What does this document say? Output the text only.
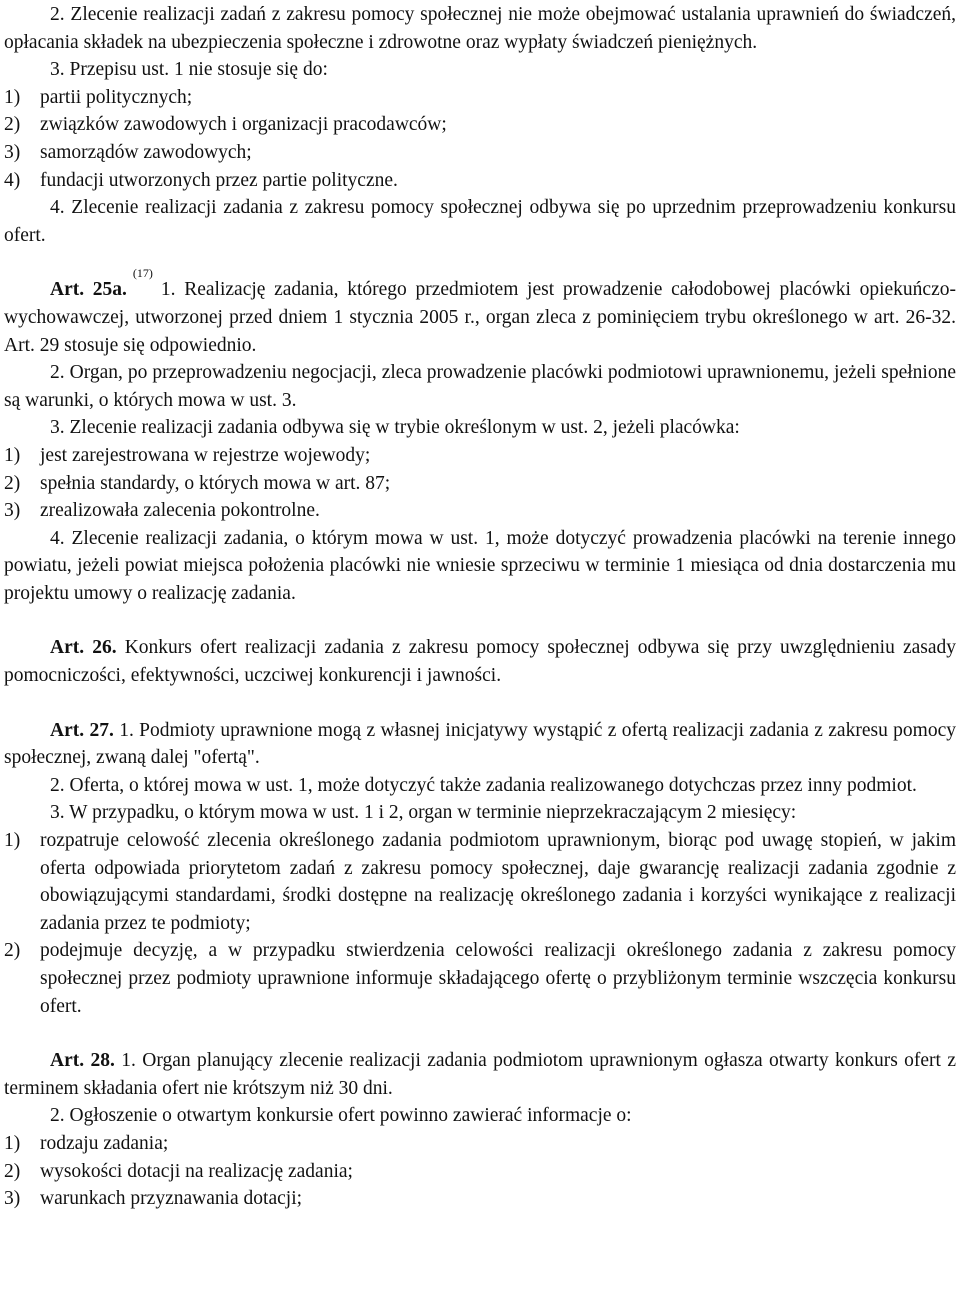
2. Zlecenie realizacji zadań z zakresu pomocy społecznej nie może obejmować ustalania uprawnień do świadczeń, opłacania składek na ubezpieczenia społeczne i zdrowotne oraz wypłaty świadczeń pieniężnych.

3. Przepisu ust. 1 nie stosuje się do:

1)	partii politycznych;
2)	związków zawodowych i organizacji pracodawców;
3)	samorządów zawodowych;
4)	fundacji utworzonych przez partie polityczne.

4. Zlecenie realizacji zadania z zakresu pomocy społecznej odbywa się po uprzednim przeprowadzeniu konkursu ofert.

Art. 25a.$^{(17)}$1. Realizację zadania, którego przedmiotem jest prowadzenie całodobowej placówki opiekuńczo-wychowawczej, utworzonej przed dniem 1 stycznia 2005 r., organ zleca z pominięciem trybu określonego w art. 26-32. Art. 29 stosuje się odpowiednio.

2. Organ, po przeprowadzeniu negocjacji, zleca prowadzenie placówki podmiotowi uprawnionemu, jeżeli spełnione są warunki, o których mowa w ust. 3.

3. Zlecenie realizacji zadania odbywa się w trybie określonym w ust. 2, jeżeli placówka:

1)	jest zarejestrowana w rejestrze wojewody;
2)	spełnia standardy, o których mowa w art. 87;
3)	zrealizowała zalecenia pokontrolne.

4. Zlecenie realizacji zadania, o którym mowa w ust. 1, może dotyczyć prowadzenia placówki na terenie innego powiatu, jeżeli powiat miejsca położenia placówki nie wniesie sprzeciwu w terminie 1 miesiąca od dnia dostarczenia mu projektu umowy o realizację zadania.

Art. 26. Konkurs ofert realizacji zadania z zakresu pomocy społecznej odbywa się przy uwzględnieniu zasady pomocniczości, efektywności, uczciwej konkurencji i jawności.

Art. 27. 1. Podmioty uprawnione mogą z własnej inicjatywy wystąpić z ofertą realizacji zadania z zakresu pomocy społecznej, zwaną dalej "ofertą".

2. Oferta, o której mowa w ust. 1, może dotyczyć także zadania realizowanego dotychczas przez inny podmiot.

3. W przypadku, o którym mowa w ust. 1 i 2, organ w terminie nieprzekraczającym 2 miesięcy:

1)	rozpatruje celowość zlecenia określonego zadania podmiotom uprawnionym, biorąc pod uwagę stopień, w jakim oferta odpowiada priorytetom zadań z zakresu pomocy społecznej, daje gwarancję realizacji zadania zgodnie z obowiązującymi standardami, środki dostępne na realizację określonego zadania i korzyści wynikające z realizacji zadania przez te podmioty;
2)	podejmuje decyzję, a w przypadku stwierdzenia celowości realizacji określonego zadania z zakresu pomocy społecznej przez podmioty uprawnione informuje składającego ofertę o przybliżonym terminie wszczęcia konkursu ofert.

Art. 28. 1. Organ planujący zlecenie realizacji zadania podmiotom uprawnionym ogłasza otwarty konkurs ofert z terminem składania ofert nie krótszym niż 30 dni.

2. Ogłoszenie o otwartym konkursie ofert powinno zawierać informacje o:

1)	rodzaju zadania;
2)	wysokości dotacji na realizację zadania;
3)	warunkach przyznawania dotacji;
